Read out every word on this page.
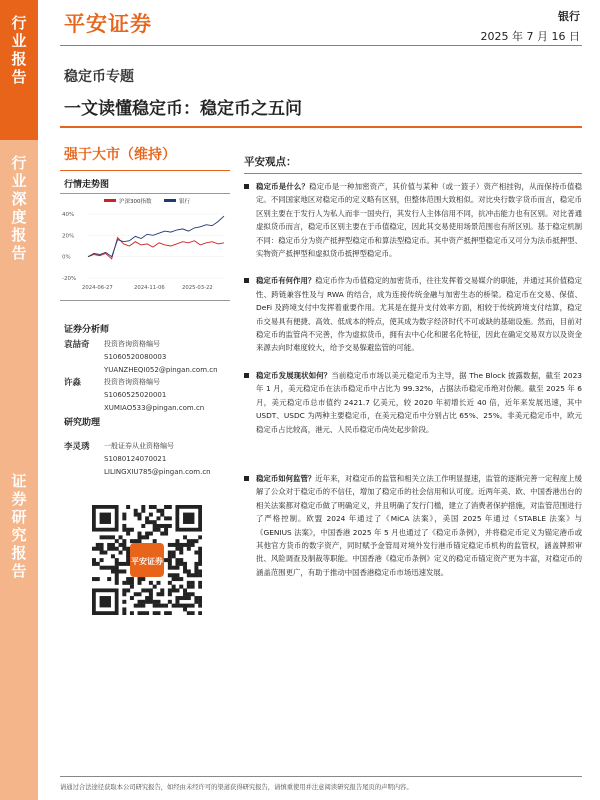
行
业
报
告
行
业
深
度
报
告
证
券
研
究
报
告
平安证券	银行
2025 年 7 月 16 日
稳定币专题
一文读懂稳定币：稳定币之五问
强于大市（维持）
行情走势图
沪深300指数	银行
40%
20%
0%
-20%
2024-06-27	2024-11-06	2025-03-22
证券分析师
袁喆奇	投资咨询资格编号
S1060520080003
YUANZHEQI052@pingan.com.cn
许淼	投资咨询资格编号
S1060525020001
XUMIAO533@pingan.com.cn
研究助理
李灵琇	一般证券从业资格编号
S1080124070021
LILINGXIU785@pingan.com.cn
平安证券
平安观点：
稳定币是什么？稳定币是一种加密资产，其价值与某种（或一篮子）资产相挂钩，从而保持币值稳定。不同国家地区对稳定币的定义略有区别，但整体范围大致相似。对比央行数字货币而言，稳定币区别主要在于发行人为私人而非一国央行，其发行人主体信用不同，抗冲击能力也有区别。对比普通虚拟货币而言，稳定币区别主要在于币值稳定，因此其交易使用场景范围也有所区别。基于稳定机制不同：稳定币分为资产抵押型稳定币和算法型稳定币。其中资产抵押型稳定币又可分为法币抵押型、实物资产抵押型和虚拟货币抵押型稳定币。
稳定币有何作用？稳定币作为币值稳定的加密货币，往往发挥着交易媒介的职能，并通过其价值稳定性、跨链兼容性及与 RWA 的结合，成为连接传统金融与加密生态的桥梁。稳定币在交易、保值、DeFi 及跨境支付中发挥着重要作用。尤其是在提升支付效率方面，相较于传统跨境支付结算，稳定币交易具有便捷、高效、低成本的特点，使其成为数字经济时代不可或缺的基础设施。然而，目前对稳定币的监管尚不完善，作为虚拟货币，拥有去中心化和匿名化特征，因此在确定交易双方以及资金来源去向时难度较大，给予交易躲避监管的可能。
稳定币发展现状如何？当前稳定币市场以美元稳定币为主导，据 The Block 披露数据，截至 2023 年 1 月，美元稳定币在法币稳定币中占比为 99.32%，占据法币稳定币绝对份额。截至 2025 年 6 月，美元稳定币总市值约 2421.7 亿美元，较 2020 年初增长近 40 倍，近年来发展迅速，其中 USDT、USDC 为两种主要稳定币，在美元稳定币中分别占比 65%、25%。非美元稳定币中，欧元稳定币占比较高，港元、人民币稳定币尚处起步阶段。
稳定币如何监管？近年来，对稳定币的监管和相关立法工作明显提速，监管的逐渐完善一定程度上缓解了公众对于稳定币的不信任，增加了稳定币的社会信用和认可度。近两年美、欧、中国香港出台的相关法案都对稳定币做了明确定义，并且明确了发行门槛，建立了消费者保护措施，对监管范围进行了严格控制。欧盟 2024 年通过了《MiCA 法案》，美国 2025 年通过《STABLE 法案》与《GENIUS 法案》，中国香港 2025 年 5 月也通过了《稳定币条例》，并将稳定币定义为锚定港币或其他官方货币的数字资产，同时赋予金管局对境外发行港币锚定稳定币机构的监管权，涵盖牌照审批、风险调查及制裁等职能。中国香港《稳定币条例》定义的稳定币锚定资产更为丰富，对稳定币的涵盖范围更广，有助于推动中国香港稳定币市场迅速发展。
请通过合法途径获取本公司研究报告，如经由未经许可的渠道获得研究报告，请慎重使用并注意阅读研究报告尾页的声明内容。
